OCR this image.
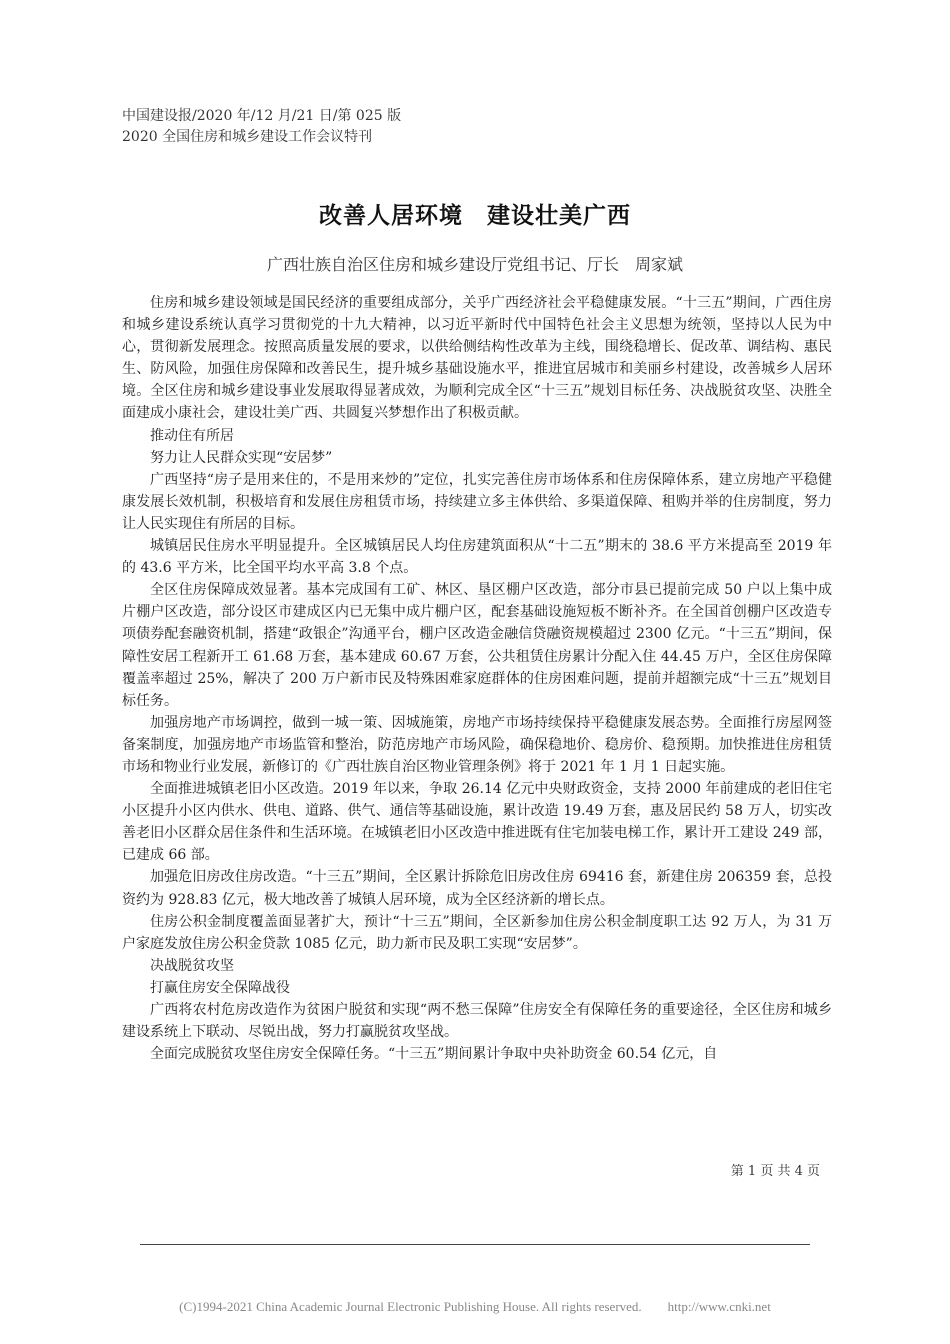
中国建设报/2020 年/12 月/21 日/第 025 版 2020 全国住房和城乡建设工作会议特刊
改善人居环境　建设壮美广西
广西壮族自治区住房和城乡建设厅党组书记、厅长　周家斌

住房和城乡建设领域是国民经济的重要组成部分，关乎广西经济社会平稳健康发展。“十三五”期间，广西住房和城乡建设系统认真学习贯彻党的十九大精神，以习近平新时代中国特色社会主义思想为统领，坚持以人民为中心，贯彻新发展理念。按照高质量发展的要求，以供给侧结构性改革为主线，围绕稳增长、促改革、调结构、惠民生、防风险，加强住房保障和改善民生，提升城乡基础设施水平，推进宜居城市和美丽乡村建设，改善城乡人居环境。全区住房和城乡建设事业发展取得显著成效，为顺利完成全区“十三五”规划目标任务、决战脱贫攻坚、决胜全面建成小康社会，建设壮美广西、共圆复兴梦想作出了积极贡献。

推动住有所居

努力让人民群众实现“安居梦”

广西坚持“房子是用来住的，不是用来炒的”定位，扎实完善住房市场体系和住房保障体系，建立房地产平稳健康发展长效机制，积极培育和发展住房租赁市场，持续建立多主体供给、多渠道保障、租购并举的住房制度，努力让人民实现住有所居的目标。

城镇居民住房水平明显提升。全区城镇居民人均住房建筑面积从“十二五”期末的 38.6 平方米提高至 2019 年的 43.6 平方米，比全国平均水平高 3.8 个点。

全区住房保障成效显著。基本完成国有工矿、林区、垦区棚户区改造，部分市县已提前完成 50 户以上集中成片棚户区改造，部分设区市建成区内已无集中成片棚户区，配套基础设施短板不断补齐。在全国首创棚户区改造专项债券配套融资机制，搭建“政银企”沟通平台，棚户区改造金融信贷融资规模超过 2300 亿元。“十三五”期间，保障性安居工程新开工 61.68 万套，基本建成 60.67 万套，公共租赁住房累计分配入住 44.45 万户，全区住房保障覆盖率超过 25%，解决了 200 万户新市民及特殊困难家庭群体的住房困难问题，提前并超额完成“十三五”规划目标任务。

加强房地产市场调控，做到一城一策、因城施策，房地产市场持续保持平稳健康发展态势。全面推行房屋网签备案制度，加强房地产市场监管和整治，防范房地产市场风险，确保稳地价、稳房价、稳预期。加快推进住房租赁市场和物业行业发展，新修订的《广西壮族自治区物业管理条例》将于 2021 年 1 月 1 日起实施。

全面推进城镇老旧小区改造。2019 年以来，争取 26.14 亿元中央财政资金，支持 2000 年前建成的老旧住宅小区提升小区内供水、供电、道路、供气、通信等基础设施，累计改造 19.49 万套，惠及居民约 58 万人，切实改善老旧小区群众居住条件和生活环境。在城镇老旧小区改造中推进既有住宅加装电梯工作，累计开工建设 249 部，已建成 66 部。

加强危旧房改住房改造。“十三五”期间，全区累计拆除危旧房改住房 69416 套，新建住房 206359 套，总投资约为 928.83 亿元，极大地改善了城镇人居环境，成为全区经济新的增长点。

住房公积金制度覆盖面显著扩大，预计“十三五”期间，全区新参加住房公积金制度职工达 92 万人，为 31 万户家庭发放住房公积金贷款 1085 亿元，助力新市民及职工实现“安居梦”。

决战脱贫攻坚

打赢住房安全保障战役

广西将农村危房改造作为贫困户脱贫和实现“两不愁三保障”住房安全有保障任务的重要途径，全区住房和城乡建设系统上下联动、尽锐出战，努力打赢脱贫攻坚战。

全面完成脱贫攻坚住房安全保障任务。“十三五”期间累计争取中央补助资金 60.54 亿元，自

第 1 页 共 4 页
(C)1994-2021 China Academic Journal Electronic Publishing House. All rights reserved.　　http://www.cnki.net
